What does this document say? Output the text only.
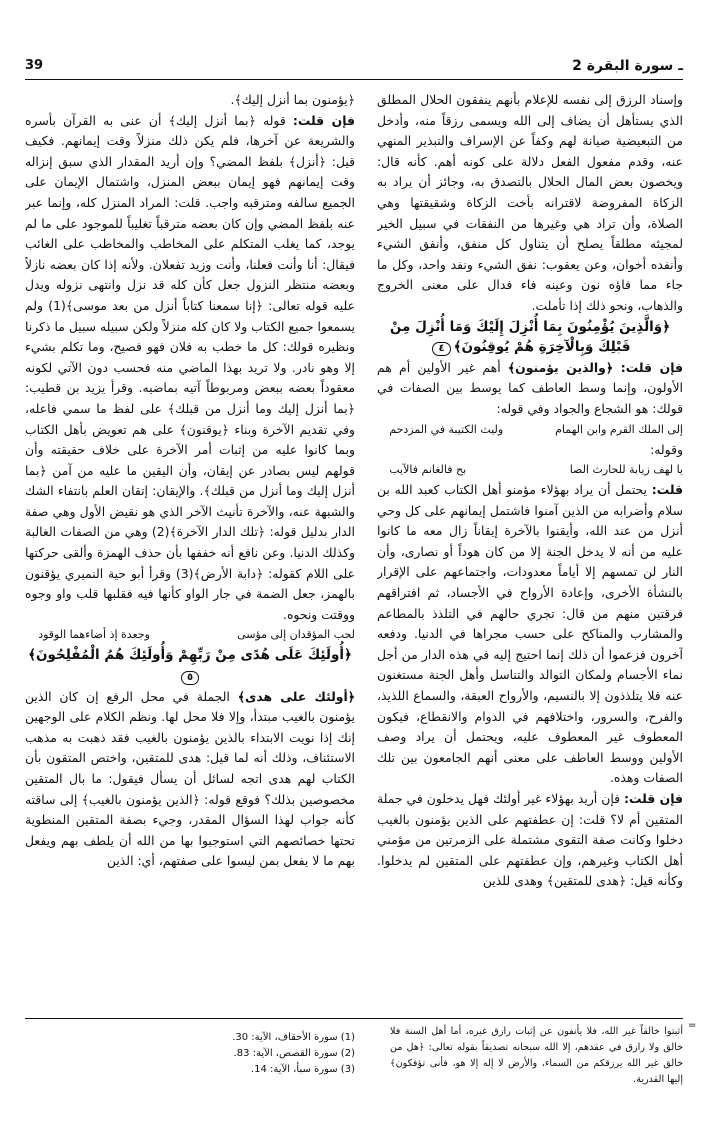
39	2 ـ سورة البقرة

وإسناد الرزق إلى نفسه للإعلام بأنهم ينفقون الحلال المطلق الذي يستأهل أن يضاف إلى الله ويسمى رزقاً منه، وأدخل من التبعيضية صيانة لهم وكفاً عن الإسراف والتبذير المنهي عنه، وقدم مفعول الفعل دلالة على كونه أهم. كأنه قال: ويخصون بعض المال الحلال بالتصدق به، وجائز أن يراد به الزكاة المفروضة لاقترانه بأخت الزكاة وشقيقتها وهي الصلاة، وأن تراد هي وغيرها من النفقات في سبيل الخير لمجيئه مطلقاً يصلح أن يتناول كل منفق، وأنفق الشيء وأنفده أخوان، وعن يعقوب: نفق الشيء ونفد واحد، وكل ما جاء مما فاؤه نون وعينه فاء فدال على معنى الخروج والذهاب، ونحو ذلك إذا تأملت.

﴿وَالَّذِينَ يُؤْمِنُونَ بِمَا أُنْزِلَ إِلَيْكَ وَمَا أُنْزِلَ مِنْ قَبْلِكَ وَبِالْآخِرَةِ هُمْ يُوقِنُونَ﴾٤

فإن قلت: ﴿والذين يؤمنون﴾ أهم غير الأولين أم هم الأولون، وإنما وسط العاطف كما يوسط بين الصفات في قولك: هو الشجاع والجواد وفي قوله:

إلى الملك القرم وابن الهماموليث الكتيبة في المزدحم

وقوله:

يا لهف زيابة للحارث الصابح فالغانم فالآيب

قلت: يحتمل أن يراد بهؤلاء مؤمنو أهل الكتاب كعبد الله بن سلام وأضرابه من الذين آمنوا فاشتمل إيمانهم على كل وحي أنزل من عند الله، وأيقنوا بالآخرة إيقاناً زال معه ما كانوا عليه من أنه لا يدخل الجنة إلا من كان هوداً أو نصارى، وأن النار لن تمسهم إلا أياماً معدودات، واجتماعهم على الإقرار بالنشأة الأخرى، وإعادة الأرواح في الأجساد، ثم افتراقهم فرقتين منهم من قال: تجري حالهم في التلذذ بالمطاعم والمشارب والمناكح على حسب مجراها في الدنيا. ودفعه آخرون فزعموا أن ذلك إنما احتيج إليه في هذه الدار من أجل نماء الأجسام ولمكان التوالد والتناسل وأهل الجنة مستغنون عنه فلا يتلذذون إلا بالنسيم، والأرواح العبقة، والسماع اللذيذ، والفرح، والسرور، واختلافهم في الدوام والانقطاع، فيكون المعطوف غير المعطوف عليه، ويحتمل أن يراد وصف الأولين ووسط العاطف على معنى أنهم الجامعون بين تلك الصفات وهذه.

فإن قلت: فإن أريد بهؤلاء غير أولئك فهل يدخلون في جملة المتقين أم لا؟ قلت: إن عطفتهم على الذين يؤمنون بالغيب دخلوا وكانت صفة التقوى مشتملة على الزمرتين من مؤمني أهل الكتاب وغيرهم، وإن عطفتهم على المتقين لم يدخلوا. وكأنه قيل: ﴿هدى للمتقين﴾ وهدى للذين

﴿يؤمنون بما أنزل إليك﴾.

فإن قلت: قوله ﴿بما أنزل إليك﴾ أن عنى به القرآن بأسره والشريعة عن آخرها، فلم يكن ذلك منزلاً وقت إيمانهم. فكيف قيل: ﴿أنزل﴾ بلفظ المضي؟ وإن أريد المقدار الذي سبق إنزاله وقت إيمانهم فهو إيمان ببعض المنزل، واشتمال الإيمان على الجميع سالفه ومترقبه واجب. قلت: المراد المنزل كله، وإنما عبر عنه بلفظ المضي وإن كان بعضه مترقباً تغليباً للموجود على ما لم يوجد، كما يغلب المتكلم على المخاطب والمخاطب على الغائب فيقال: أنا وأنت فعلنا، وأنت وزيد تفعلان. ولأنه إذا كان بعضه نازلاً وبعضه منتظر النزول جعل كأن كله قد نزل وانتهى نزوله ويدل عليه قوله تعالى: ﴿إنا سمعنا كتاباً أنزل من بعد موسى﴾(1) ولم يسمعوا جميع الكتاب ولا كان كله منزلاً ولكن سبيله سبيل ما ذكرنا ونظيره قولك: كل ما خطب به فلان فهو فصيح، وما تكلم بشيء إلا وهو نادر. ولا تريد بهذا الماضي منه فحسب دون الآتي لكونه معقوداً بعضه ببعض ومربوطاً آتيه بماضيه. وقرأ يزيد بن قطيب: ﴿بما أنزل إليك وما أنزل من قبلك﴾ على لفظ ما سمي فاعله، وفي تقديم الآخرة وبناء ﴿يوقنون﴾ على هم تعويض بأهل الكتاب وبما كانوا عليه من إثبات أمر الآخرة على خلاف حقيقته وأن قولهم ليس بصادر عن إيقان، وأن اليقين ما عليه من آمن ﴿بما أنزل إليك وما أنزل من قبلك﴾. والإيقان: إتقان العلم بانتفاء الشك والشبهة عنه، والآخرة تأنيث الآخر الذي هو نقيض الأول وهي صفة الدار بدليل قوله: ﴿تلك الدار الآخرة﴾(2) وهي من الصفات الغالبة وكذلك الدنيا. وعن نافع أنه خففها بأن حذف الهمزة وألقى حركتها على اللام كقوله: ﴿دابة الأرض﴾(3) وقرأ أبو حية النميري يؤقنون بالهمز، جعل الضمة في جار الواو كأنها فيه فقلبها قلب واو وجوه ووقتت ونحوه.

لحب المؤقدان إلى مؤسىوجعدة إذ أضاءهما الوقود

﴿أُولَئِكَ عَلَى هُدًى مِنْ رَبِّهِمْ وَأُولَئِكَ هُمُ الْمُفْلِحُونَ﴾٥

﴿أولئك على هدى﴾ الجملة في محل الرفع إن كان الذين يؤمنون بالغيب مبتدأ، وإلا فلا محل لها. ونظم الكلام على الوجهين إنك إذا نويت الابتداء بالذين يؤمنون بالغيب فقد ذهبت به مذهب الاستئناف، وذلك أنه لما قيل: هدى للمتقين، واختص المتقون بأن الكتاب لهم هدى اتجه لسائل أن يسأل فيقول: ما بال المتقين مخصوصين بذلك؟ فوقع قوله: ﴿الذين يؤمنون بالغيب﴾ إلى ساقته كأنه جواب لهذا السؤال المقدر، وجيء بصفة المتقين المنطوية تحتها خصائصهم التي استوجبوا بها من الله أن يلطف بهم ويفعل بهم ما لا يفعل بمن ليسوا على صفتهم، أي: الذين

=
(1) سورة الأحقاف، الآية: 30.
(2) سورة القصص، الآية: 83.
(3) سورة سبأ، الآية: 14.
أثبتوا خالقاً غير الله، فلا يأنفون عن إثبات رازق غيره، أما أهل السنة فلا خالق ولا رازق في عقدهم، إلا الله سبحانه تصديقاً بقوله تعالى: ﴿هل من خالق غير الله يرزقكم من السماء، والأرض لا إله إلا هو، فأنى تؤفكون﴾ إليها القدرية.
